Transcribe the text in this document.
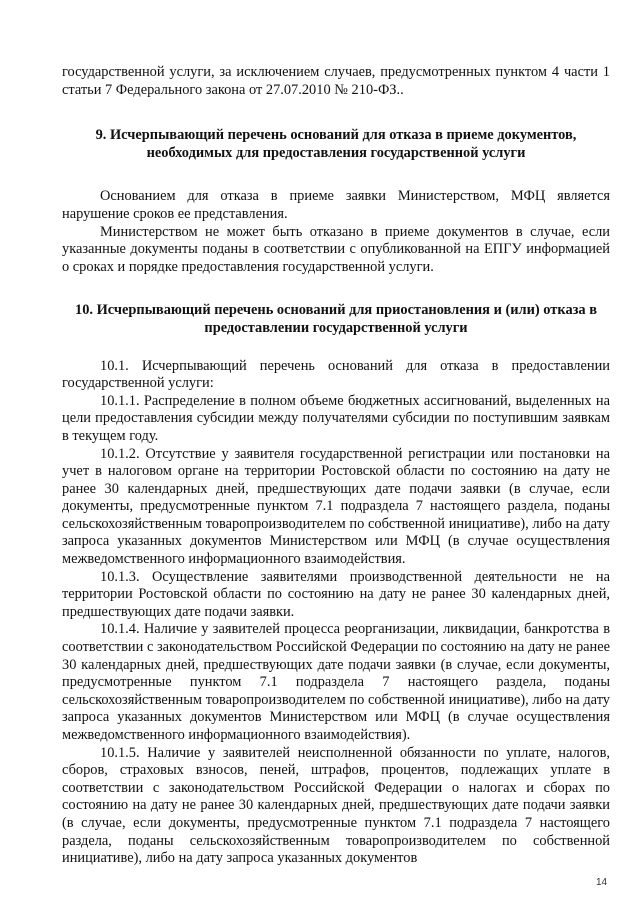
государственной услуги, за исключением случаев, предусмотренных пунктом 4 части 1 статьи 7 Федерального закона от 27.07.2010 № 210-ФЗ..

9. Исчерпывающий перечень оснований для отказа в приеме документов, необходимых для предоставления государственной услуги

Основанием для отказа в приеме заявки Министерством, МФЦ является нарушение сроков ее представления.

Министерством не может быть отказано в приеме документов в случае, если указанные документы поданы в соответствии с опубликованной на ЕПГУ информацией о сроках и порядке предоставления государственной услуги.

10. Исчерпывающий перечень оснований для приостановления и (или) отказа в предоставлении государственной услуги

10.1. Исчерпывающий перечень оснований для отказа в предоставлении государственной услуги:

10.1.1. Распределение в полном объеме бюджетных ассигнований, выделенных на цели предоставления субсидии между получателями субсидии по поступившим заявкам в текущем году.

10.1.2. Отсутствие у заявителя государственной регистрации или постановки на учет в налоговом органе на территории Ростовской области по состоянию на дату не ранее 30 календарных дней, предшествующих дате подачи заявки (в случае, если документы, предусмотренные пунктом 7.1 подраздела 7 настоящего раздела, поданы сельскохозяйственным товаропроизводителем по собственной инициативе), либо на дату запроса указанных документов Министерством или МФЦ (в случае осуществления межведомственного информационного взаимодействия.

10.1.3. Осуществление заявителями производственной деятельности не на территории Ростовской области по состоянию на дату не ранее 30 календарных дней, предшествующих дате подачи заявки.

10.1.4. Наличие у заявителей процесса реорганизации, ликвидации, банкротства в соответствии с законодательством Российской Федерации по состоянию на дату не ранее 30 календарных дней, предшествующих дате подачи заявки (в случае, если документы, предусмотренные пунктом 7.1 подраздела 7 настоящего раздела, поданы сельскохозяйственным товаропроизводителем по собственной инициативе), либо на дату запроса указанных документов Министерством или МФЦ (в случае осуществления межведомственного информационного взаимодействия).

10.1.5. Наличие у заявителей неисполненной обязанности по уплате, налогов, сборов, страховых взносов, пеней, штрафов, процентов, подлежащих уплате в соответствии с законодательством Российской Федерации о налогах и сборах по состоянию на дату не ранее 30 календарных дней, предшествующих дате подачи заявки (в случае, если документы, предусмотренные пунктом 7.1 подраздела 7 настоящего раздела, поданы сельскохозяйственным товаропроизводителем по собственной инициативе), либо на дату запроса указанных документов

14
